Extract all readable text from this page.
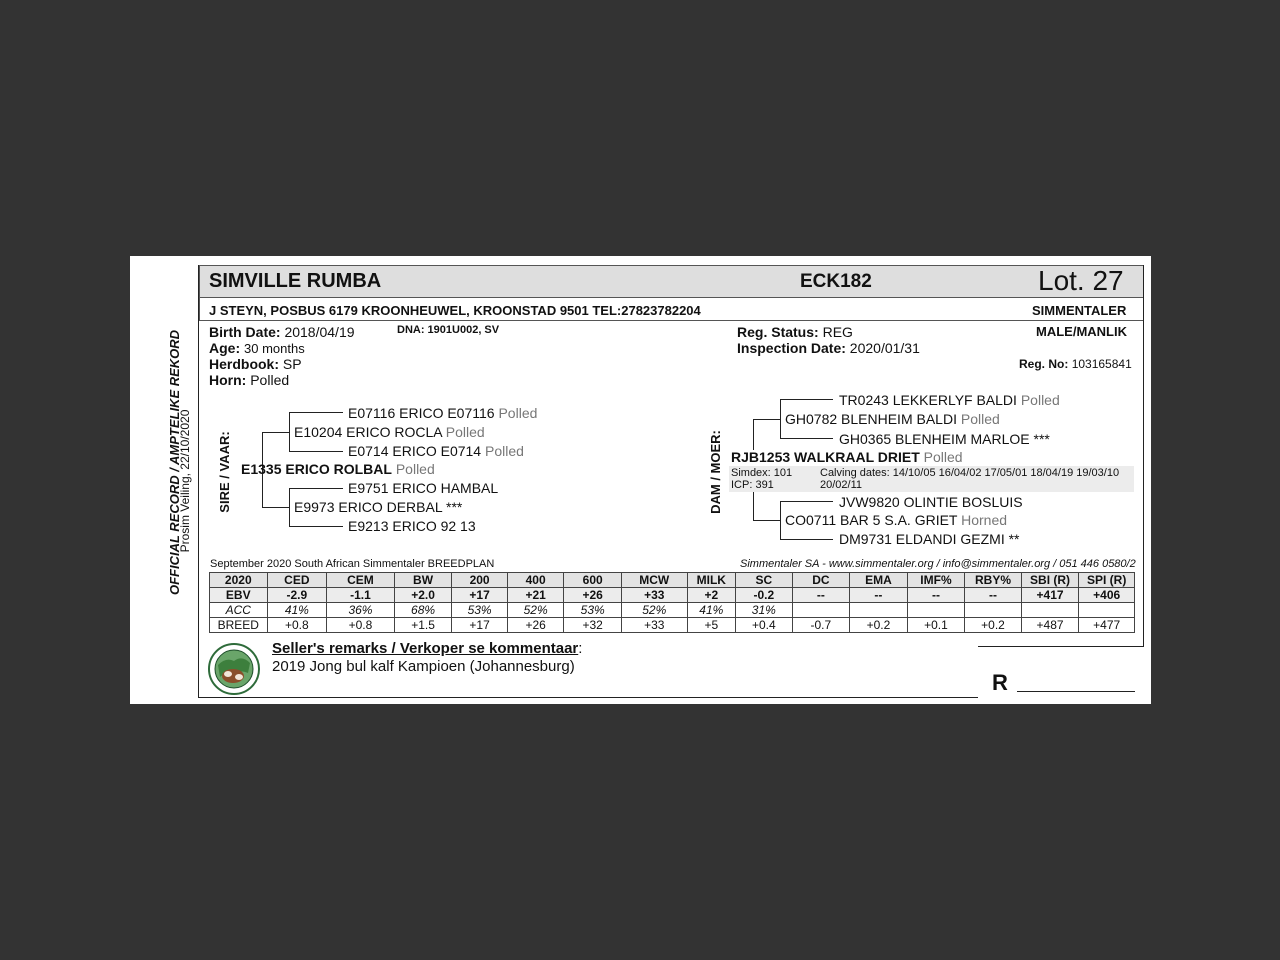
OFFICIAL RECORD / AMPTELIKE REKORD
Prosim Veiling, 22/10/2020
SIMVILLE RUMBA	ECK182	Lot. 27
J STEYN, POSBUS 6179 KROONHEUWEL, KROONSTAD 9501 TEL:27823782204	SIMMENTALER
Birth Date: 2018/04/19	DNA: 1901U002, SV
Age: 30 months
Herdbook: SP
Horn: Polled
Reg. Status: REG
Inspection Date: 2020/01/31
MALE/MANLIK
Reg. No: 103165841
SIRE / VAAR:
E07116 ERICO E07116 Polled
E10204 ERICO ROCLA Polled
E0714 ERICO E0714 Polled
E1335 ERICO ROLBAL Polled
E9751 ERICO HAMBAL
E9973 ERICO DERBAL ***
E9213 ERICO 92 13
DAM / MOER:
TR0243 LEKKERLYF BALDI Polled
GH0782 BLENHEIM BALDI Polled
GH0365 BLENHEIM MARLOE ***
RJB1253 WALKRAAL DRIET Polled
Simdex: 101
ICP: 391
Calving dates: 14/10/05 16/04/02 17/05/01 18/04/19 19/03/10
20/02/11
JVW9820 OLINTIE BOSLUIS
CO0711 BAR 5 S.A. GRIET Horned
DM9731 ELDANDI GEZMI **
September 2020 South African Simmentaler BREEDPLAN	Simmentaler SA - www.simmentaler.org / info@simmentaler.org / 051 446 0580/2
2020	CED	CEM	BW	200	400	600	MCW	MILK	SC	DC	EMA	IMF%	RBY%	SBI (R)	SPI (R)
EBV	-2.9	-1.1	+2.0	+17	+21	+26	+33	+2	-0.2	--	--	--	--	+417	+406
ACC	41%	36%	68%	53%	52%	53%	52%	41%	31%						
BREED	+0.8	+0.8	+1.5	+17	+26	+32	+33	+5	+0.4	-0.7	+0.2	+0.1	+0.2	+487	+477
Seller's remarks / Verkoper se kommentaar:
2019 Jong bul kalf Kampioen (Johannesburg)
R
